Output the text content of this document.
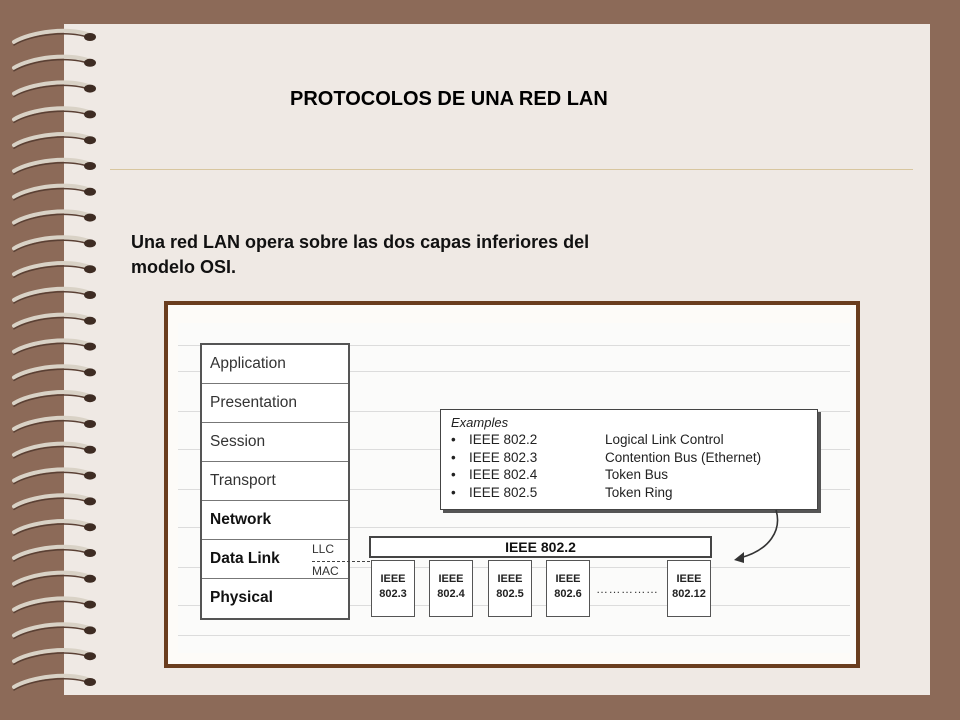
PROTOCOLOS DE UNA RED LAN
Una red LAN opera sobre las dos capas inferiores del modelo OSI.
Application
Presentation
Session
Transport
Network
Data Link
Physical
LLC
MAC
IEEE 802.2
IEEE
802.3
IEEE
802.4
IEEE
802.5
IEEE
802.6	……………
IEEE
802.12
Examples
• IEEE 802.2	Logical Link Control
• IEEE 802.3	Contention Bus (Ethernet)
• IEEE 802.4	Token Bus
• IEEE 802.5	Token Ring
